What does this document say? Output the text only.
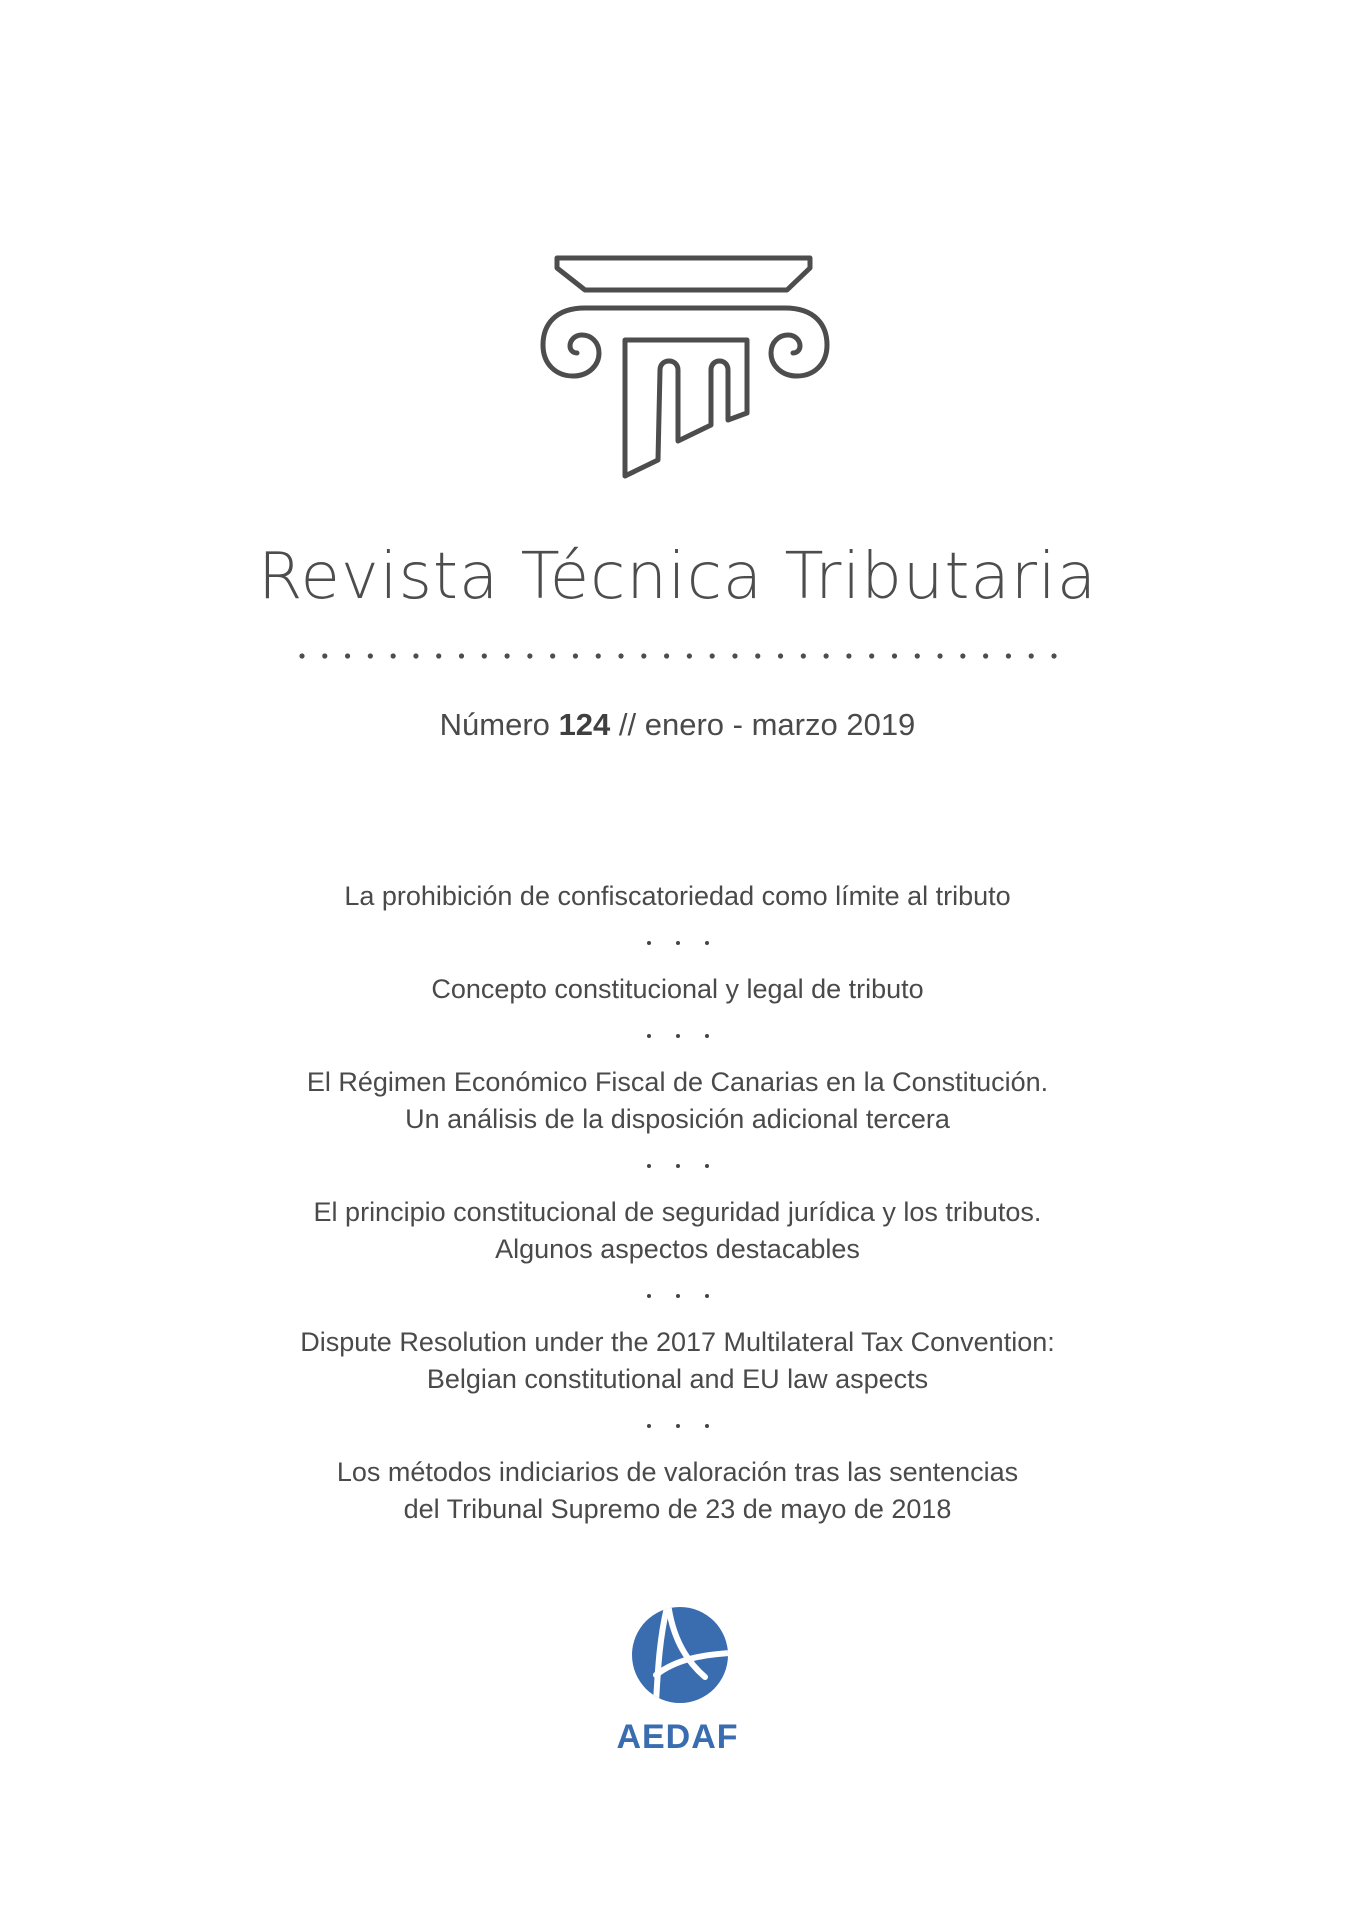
Revista Técnica Tributaria
Número 124 // enero - marzo 2019
La prohibición de confiscatoriedad como límite al tributo
Concepto constitucional y legal de tributo
El Régimen Económico Fiscal de Canarias en la Constitución.
Un análisis de la disposición adicional tercera
El principio constitucional de seguridad jurídica y los tributos.
Algunos aspectos destacables
Dispute Resolution under the 2017 Multilateral Tax Convention:
Belgian constitutional and EU law aspects
Los métodos indiciarios de valoración tras las sentencias
del Tribunal Supremo de 23 de mayo de 2018
AEDAF
